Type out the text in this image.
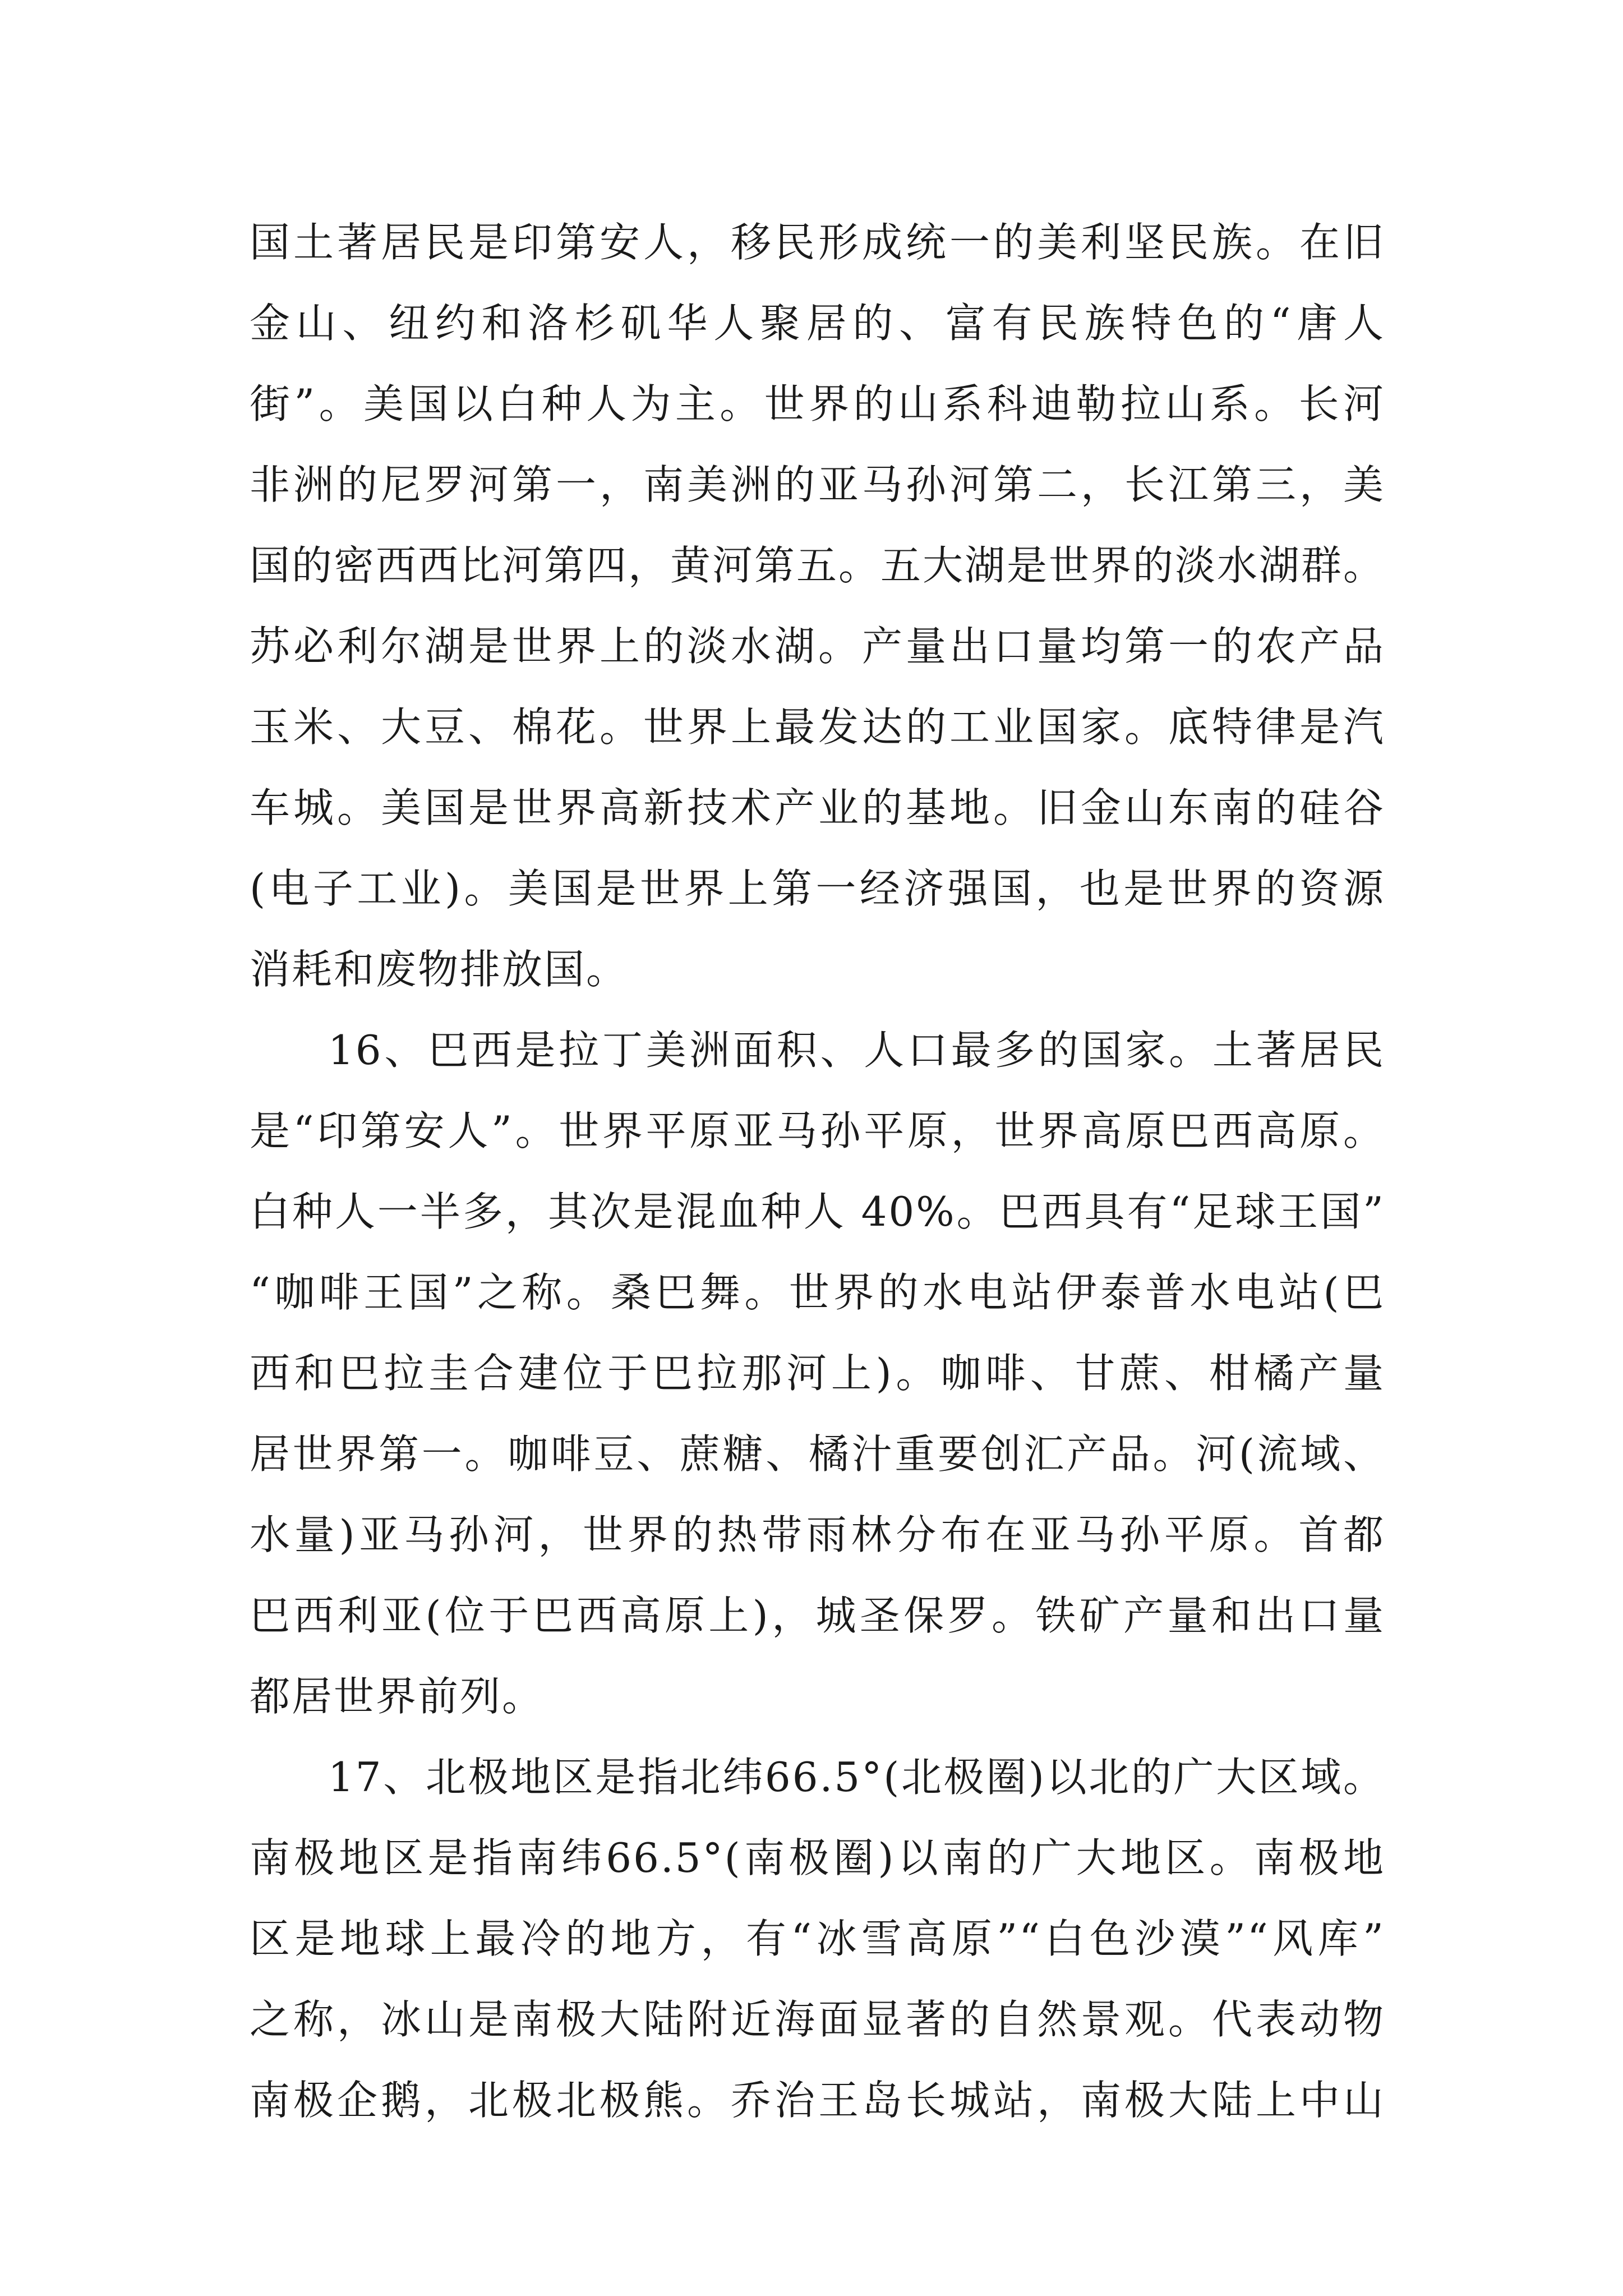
国土著居民是印第安人，移民形成统一的美利坚民族。在旧
金山、纽约和洛杉矶华人聚居的、富有民族特色的“唐人
街”。美国以白种人为主。世界的山系科迪勒拉山系。长河
非洲的尼罗河第一，南美洲的亚马孙河第二，长江第三，美
国的密西西比河第四，黄河第五。五大湖是世界的淡水湖群。
苏必利尔湖是世界上的淡水湖。产量出口量均第一的农产品
玉米、大豆、棉花。世界上最发达的工业国家。底特律是汽
车城。美国是世界高新技术产业的基地。旧金山东南的硅谷
(电子工业)。美国是世界上第一经济强国，也是世界的资源
消耗和废物排放国。
16、巴西是拉丁美洲面积、人口最多的国家。土著居民
是“印第安人”。世界平原亚马孙平原，世界高原巴西高原。
白种人一半多，其次是混血种人 40%。巴西具有“足球王国”
“咖啡王国”之称。桑巴舞。世界的水电站伊泰普水电站(巴
西和巴拉圭合建位于巴拉那河上)。咖啡、甘蔗、柑橘产量
居世界第一。咖啡豆、蔗糖、橘汁重要创汇产品。河(流域、
水量)亚马孙河，世界的热带雨林分布在亚马孙平原。首都
巴西利亚(位于巴西高原上)，城圣保罗。铁矿产量和出口量
都居世界前列。
17、北极地区是指北纬66.5°(北极圈)以北的广大区域。
南极地区是指南纬66.5°(南极圈)以南的广大地区。南极地
区是地球上最冷的地方，有“冰雪高原”“白色沙漠”“风库”
之称，冰山是南极大陆附近海面显著的自然景观。代表动物
南极企鹅，北极北极熊。乔治王岛长城站，南极大陆上中山
